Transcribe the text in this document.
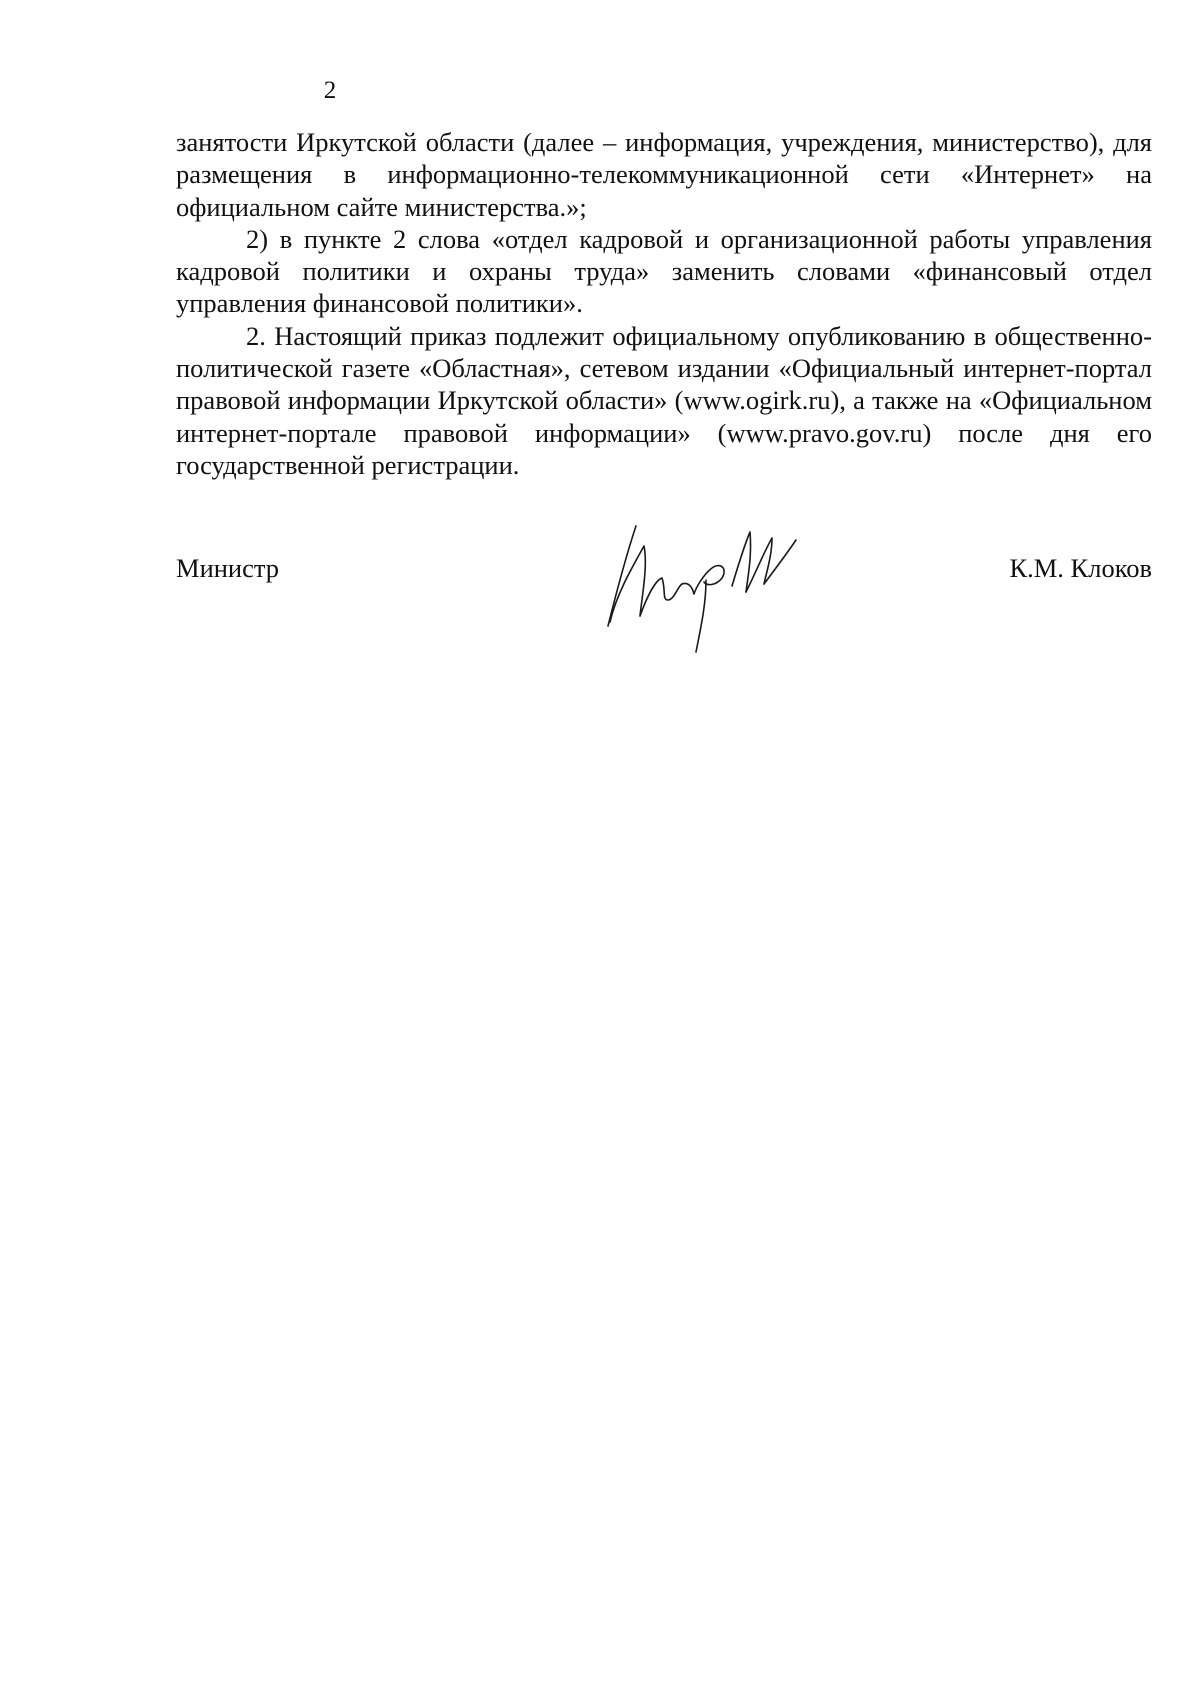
2

занятости Иркутской области (далее – информация, учреждения, министерство), для размещения в информационно-телекоммуникационной сети «Интернет» на официальном сайте министерства.»;

2) в пункте 2 слова «отдел кадровой и организационной работы управления кадровой политики и охраны труда» заменить словами «финансовый отдел управления финансовой политики».

2. Настоящий приказ подлежит официальному опубликованию в общественно-политической газете «Областная», сетевом издании «Официальный интернет-портал правовой информации Иркутской области» (www.ogirk.ru), а также на «Официальном интернет-портале правовой информации» (www.pravo.gov.ru) после дня его государственной регистрации.

Министр	К.М. Клоков
